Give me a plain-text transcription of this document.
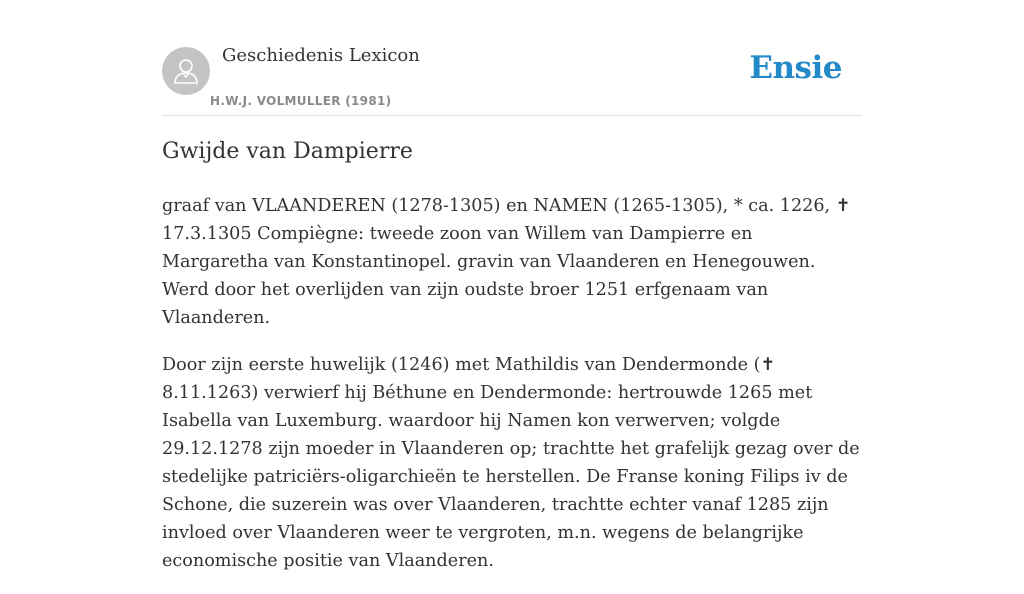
Geschiedenis Lexicon
H.W.J. VOLMULLER (1981)
Ensie
Gwijde van Dampierre

graaf van VLAANDEREN (1278-1305) en NAMEN (1265-1305), * ca. 1226, ✝ 17.3.1305 Compiègne: tweede zoon van Willem van Dampierre en Margaretha van Konstantinopel. gravin van Vlaanderen en Henegouwen. Werd door het overlijden van zijn oudste broer 1251 erfgenaam van Vlaanderen.

Door zijn eerste huwelijk (1246) met Mathildis van Dendermonde (✝ 8.11.1263) verwierf hij Béthune en Dendermonde: hertrouwde 1265 met Isabella van Luxemburg. waardoor hij Namen kon verwerven; volgde 29.12.1278 zijn moeder in Vlaanderen op; trachtte het grafelijk gezag over de stedelijke patriciërs-oligarchieën te herstellen. De Franse koning Filips iv de Schone, die suzerein was over Vlaanderen, trachtte echter vanaf 1285 zijn invloed over Vlaanderen weer te vergroten, m.n. wegens de belangrijke economische positie van Vlaanderen.
